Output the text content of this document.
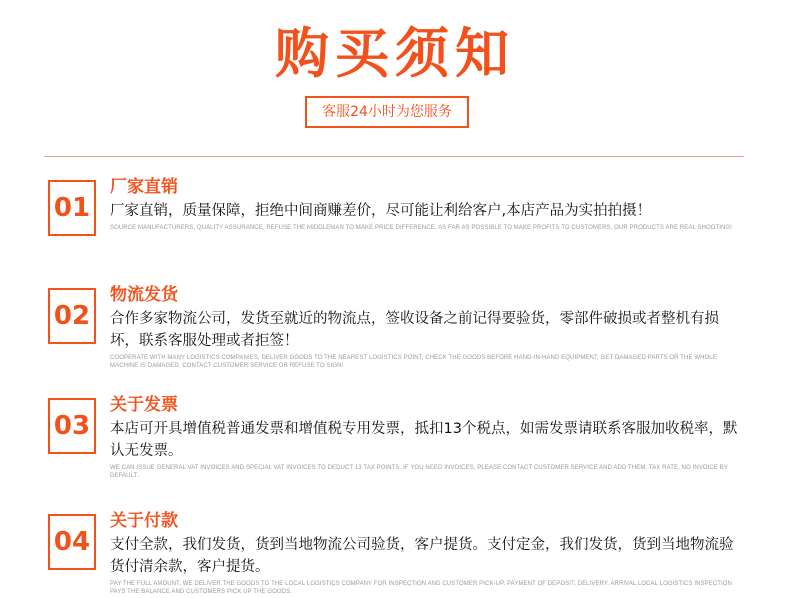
购买须知
客服24小时为您服务
01
厂家直销
厂家直销，质量保障，拒绝中间商赚差价，尽可能让利给客户,本店产品为实拍拍摄！
SOURCE MANUFACTURERS, QUALITY ASSURANCE, REFUSE THE MIDDLEMAN TO MAKE PRICE DIFFERENCE, AS FAR AS POSSIBLE TO MAKE PROFITS TO CUSTOMERS, OUR PRODUCTS ARE REAL SHOOTING!
02
物流发货
合作多家物流公司，发货至就近的物流点，签收设备之前记得要验货，零部件破损或者整机有损坏，联系客服处理或者拒签！
COOPERATE WITH MANY LOGISTICS COMPANIES, DELIVER GOODS TO THE NEAREST LOGISTICS POINT, CHECK THE GOODS BEFORE HAND-IN-HAND EQUIPMENT, GET DAMAGED PARTS OR THE WHOLE MACHINE IS DAMAGED, CONTACT CUSTOMER SERVICE OR REFUSE TO SIGN!
03
关于发票
本店可开具增值税普通发票和增值税专用发票，抵扣13个税点，如需发票请联系客服加收税率，默认无发票。
WE CAN ISSUE GENERAL VAT INVOICES AND SPECIAL VAT INVOICES TO DEDUCT 13 TAX POINTS. IF YOU NEED INVOICES, PLEASE CONTACT CUSTOMER SERVICE AND ADD THEM. TAX RATE, NO INVOICE BY DEFAULT.
04
关于付款
支付全款，我们发货，货到当地物流公司验货，客户提货。支付定金，我们发货，货到当地物流验货付清余款，客户提货。
PAY THE FULL AMOUNT, WE DELIVER THE GOODS TO THE LOCAL LOGISTICS COMPANY FOR INSPECTION AND CUSTOMER PICK-UP. PAYMENT OF DEPOSIT, DELIVERY, ARRIVAL LOCAL LOGISTICS INSPECTION PAYS THE BALANCE AND CUSTOMERS PICK UP THE GOODS.
